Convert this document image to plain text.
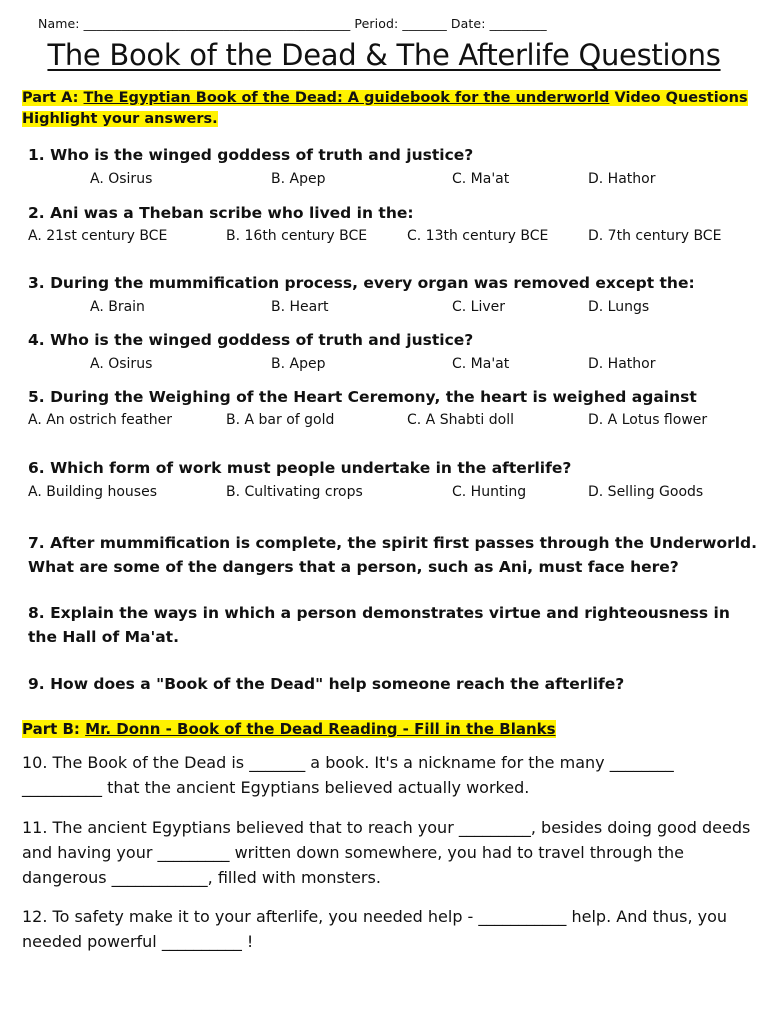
Name: __________________________________________ Period: _______ Date: _________
The Book of the Dead & The Afterlife Questions
Part A: The Egyptian Book of the Dead: A guidebook for the underworld Video Questions
Highlight your answers.
1. Who is the winged goddess of truth and justice?
A. Osirus	B. Apep	C. Ma'at	D. Hathor
2. Ani was a Theban scribe who lived in the:
A. 21st century BCE	B. 16th century BCE	C. 13th century BCE	D. 7th century BCE
3. During the mummification process, every organ was removed except the:
A. Brain	B. Heart	C. Liver	D. Lungs
4. Who is the winged goddess of truth and justice?
A. Osirus	B. Apep	C. Ma'at	D. Hathor
5. During the Weighing of the Heart Ceremony, the heart is weighed against
A. An ostrich feather	B. A bar of gold	C. A Shabti doll	D. A Lotus flower
6. Which form of work must people undertake in the afterlife?
A. Building houses	B. Cultivating crops	C. Hunting	D. Selling Goods
7. After mummification is complete, the spirit first passes through the Underworld. What are some of the dangers that a person, such as Ani, must face here?
8. Explain the ways in which a person demonstrates virtue and righteousness in the Hall of Ma'at.
9. How does a "Book of the Dead" help someone reach the afterlife?
Part B: Mr. Donn - Book of the Dead Reading - Fill in the Blanks
10. The Book of the Dead is _______ a book. It's a nickname for the many ________ __________ that the ancient Egyptians believed actually worked.
11. The ancient Egyptians believed that to reach your _________, besides doing good deeds and having your _________ written down somewhere, you had to travel through the dangerous ____________, filled with monsters.
12. To safety make it to your afterlife, you needed help - ___________ help. And thus, you needed powerful __________ !
